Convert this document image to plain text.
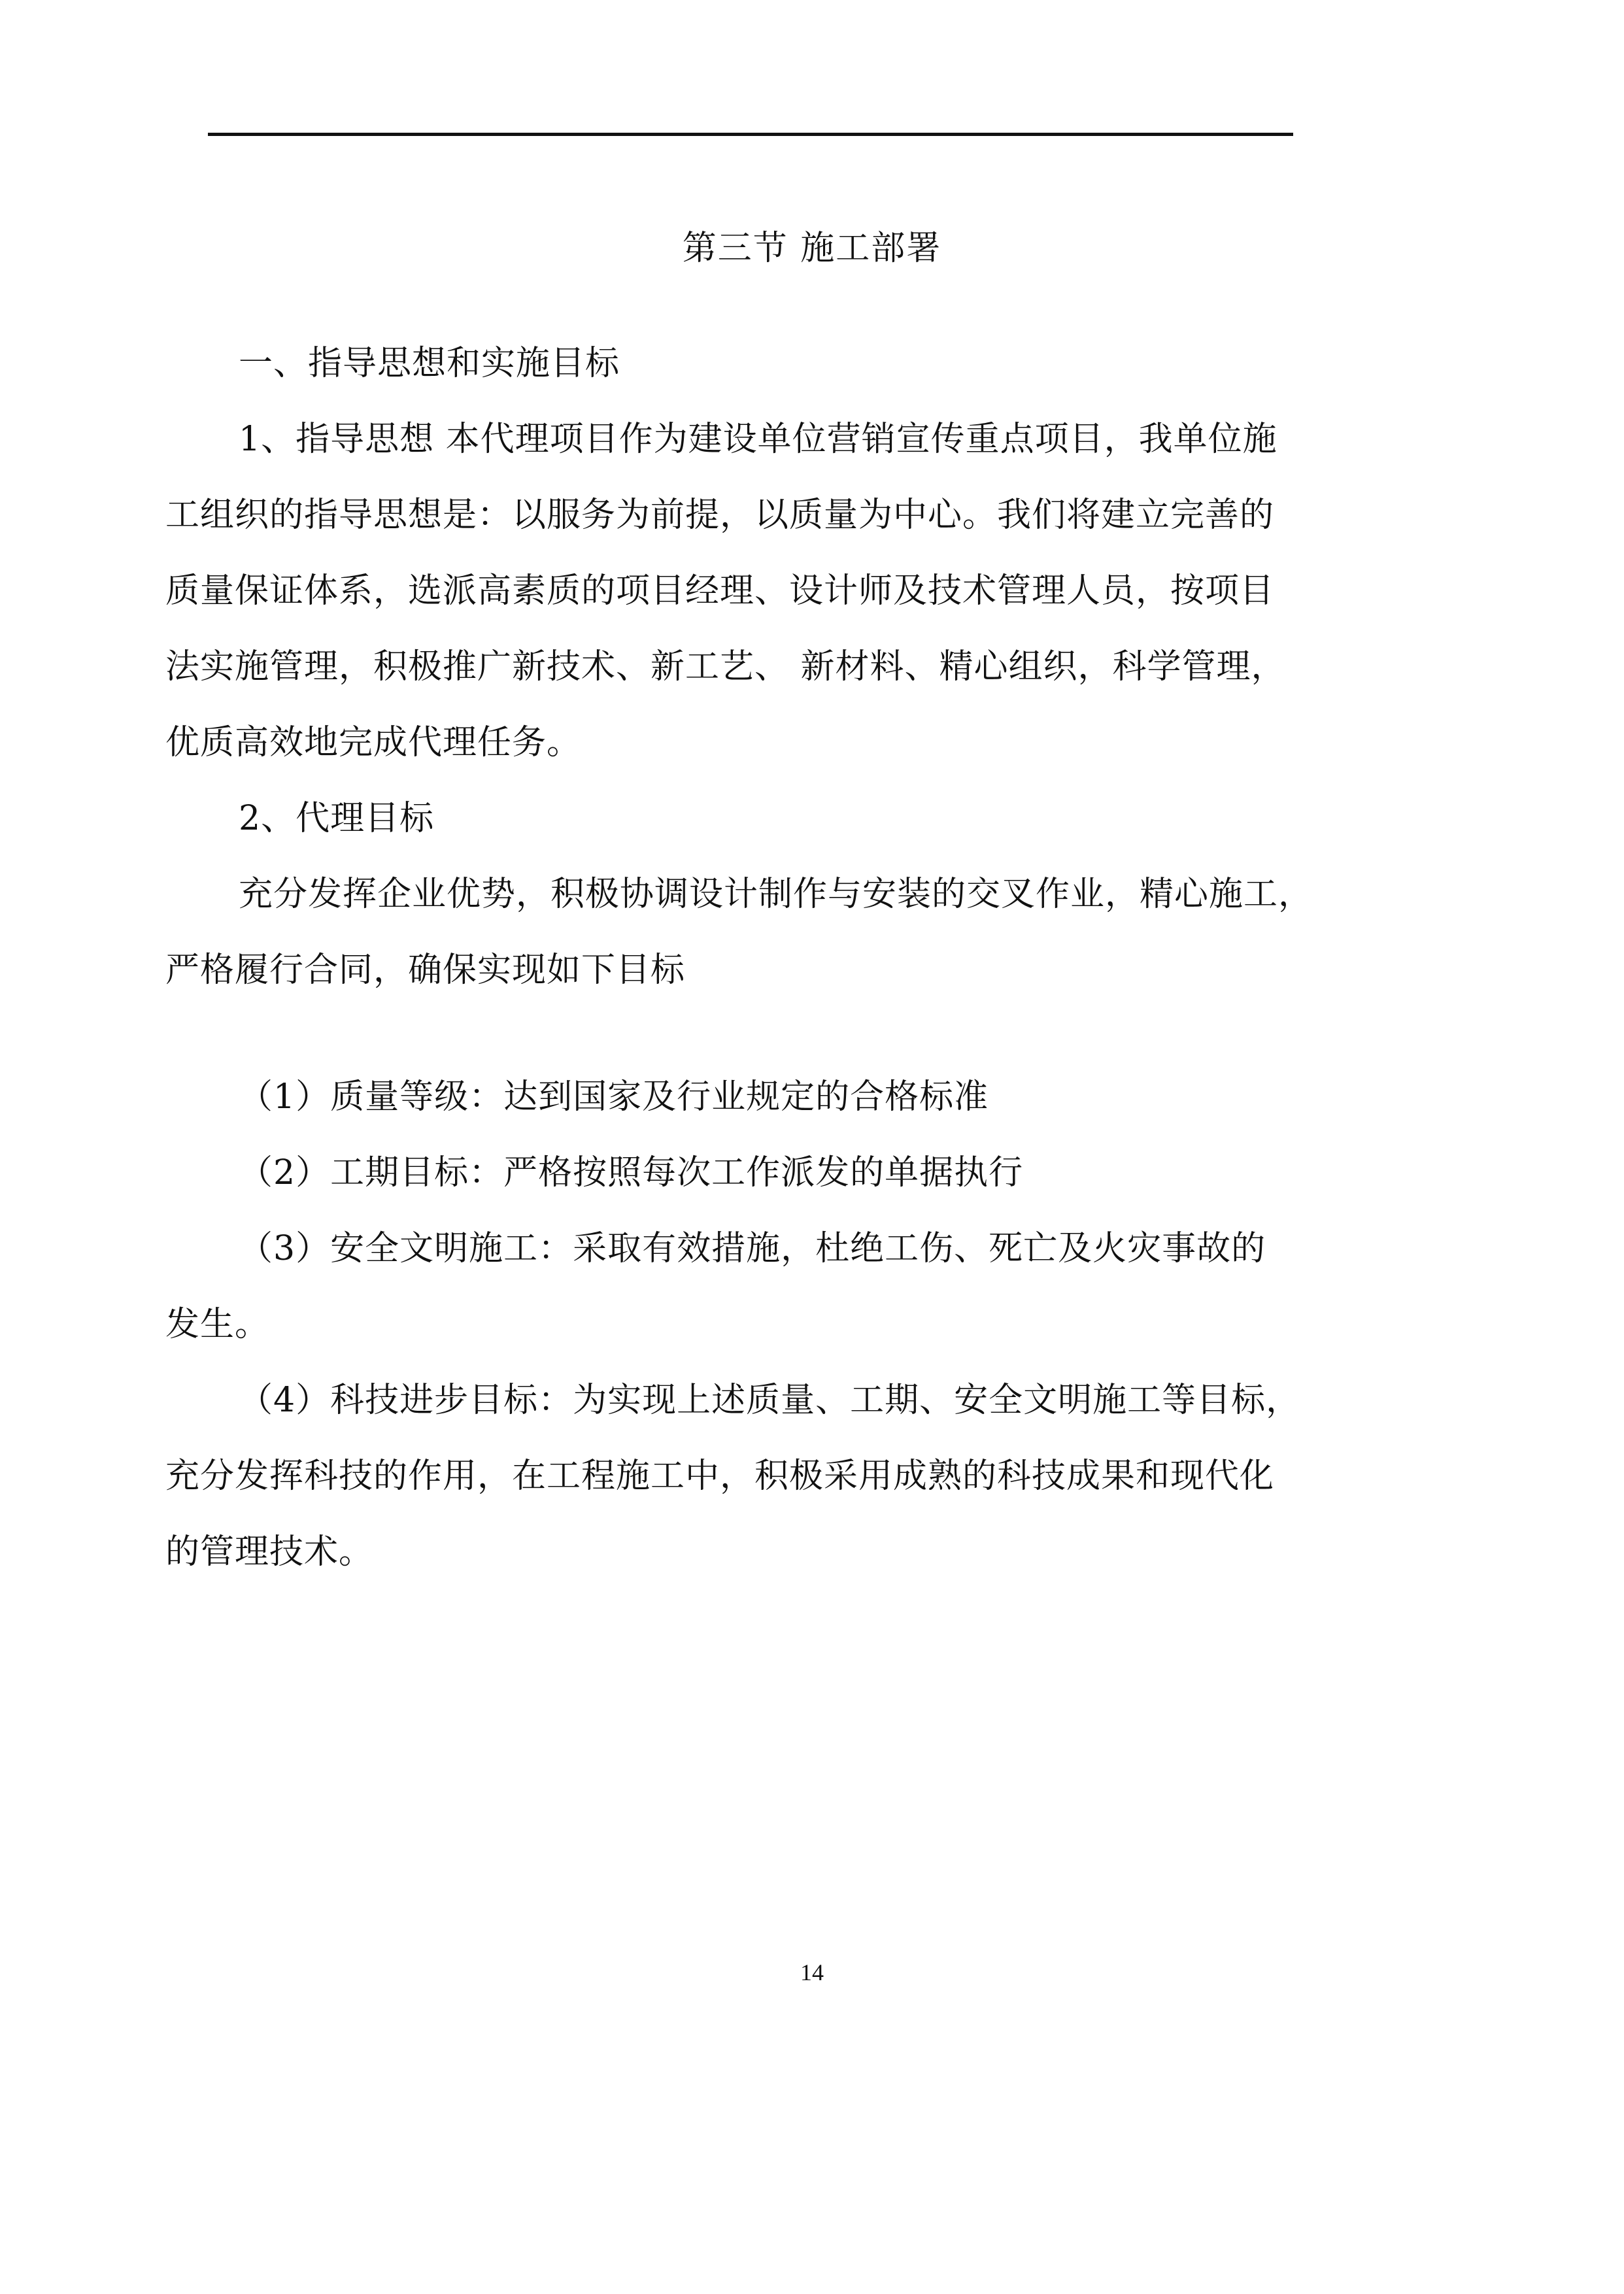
第三节 施工部署
一、指导思想和实施目标
1、指导思想 本代理项目作为建设单位营销宣传重点项目，我单位施
工组织的指导思想是：以服务为前提，以质量为中心。我们将建立完善的
质量保证体系，选派高素质的项目经理、设计师及技术管理人员，按项目
法实施管理，积极推广新技术、新工艺、 新材料、精心组织，科学管理，
优质高效地完成代理任务。
2、代理目标
充分发挥企业优势，积极协调设计制作与安装的交叉作业，精心施工，
严格履行合同，确保实现如下目标
（1）质量等级：达到国家及行业规定的合格标准
（2）工期目标：严格按照每次工作派发的单据执行
（3）安全文明施工：采取有效措施，杜绝工伤、死亡及火灾事故的
发生。
（4）科技进步目标：为实现上述质量、工期、安全文明施工等目标，
充分发挥科技的作用，在工程施工中，积极采用成熟的科技成果和现代化
的管理技术。
14
